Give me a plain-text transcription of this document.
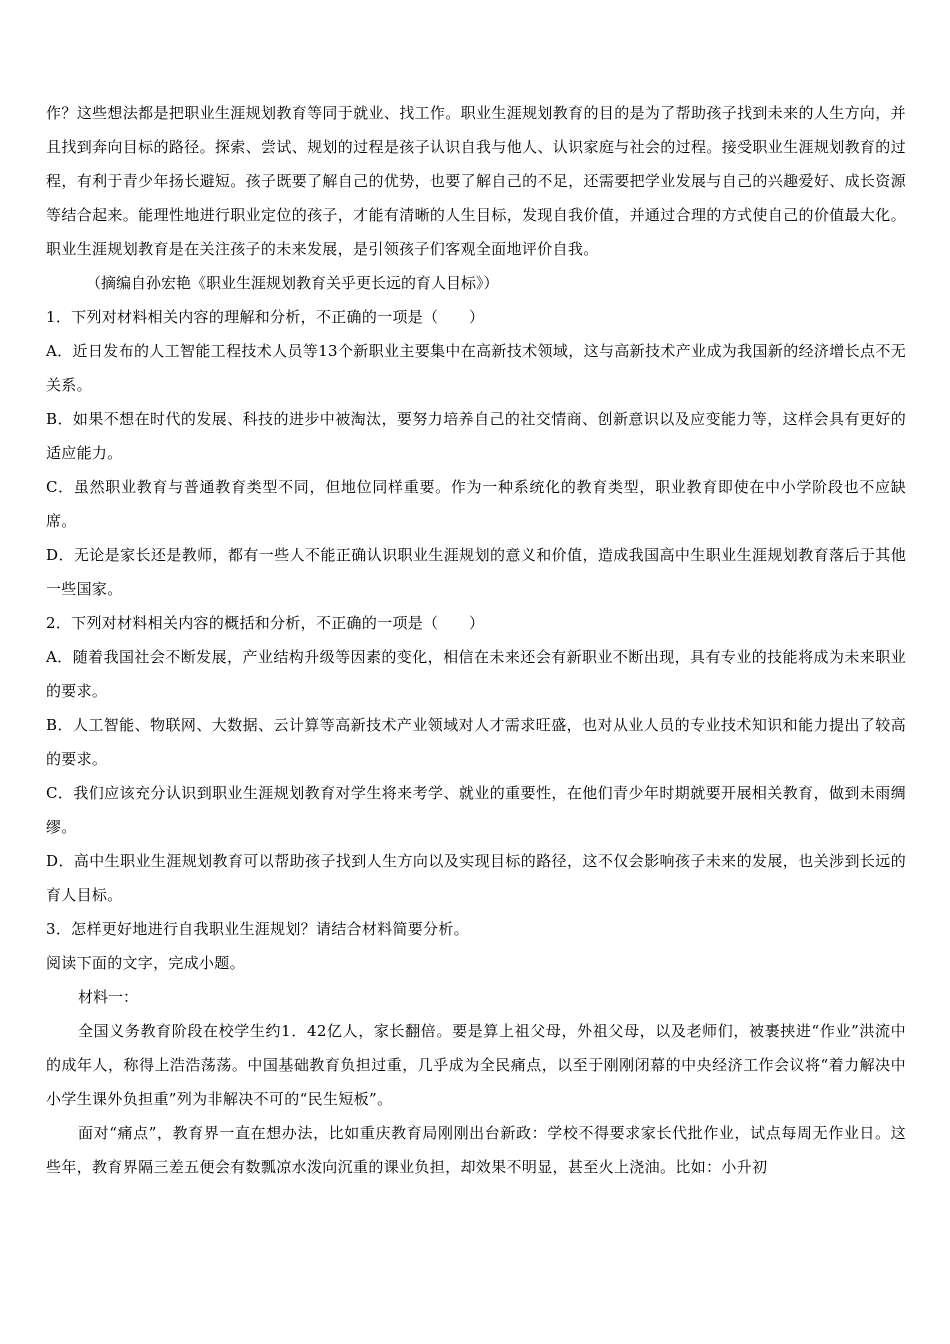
作？这些想法都是把职业生涯规划教育等同于就业、找工作。职业生涯规划教育的目的是为了帮助孩子找到未来的人生方向，并且找到奔向目标的路径。探索、尝试、规划的过程是孩子认识自我与他人、认识家庭与社会的过程。接受职业生涯规划教育的过程，有利于青少年扬长避短。孩子既要了解自己的优势，也要了解自己的不足，还需要把学业发展与自己的兴趣爱好、成长资源等结合起来。能理性地进行职业定位的孩子，才能有清晰的人生目标，发现自我价值，并通过合理的方式使自己的价值最大化。职业生涯规划教育是在关注孩子的未来发展，是引领孩子们客观全面地评价自我。

（摘编自孙宏艳《职业生涯规划教育关乎更长远的育人目标》）

1．下列对材料相关内容的理解和分析，不正确的一项是（　　）

A．近日发布的人工智能工程技术人员等13个新职业主要集中在高新技术领域，这与高新技术产业成为我国新的经济增长点不无关系。

B．如果不想在时代的发展、科技的进步中被淘汰，要努力培养自己的社交情商、创新意识以及应变能力等，这样会具有更好的适应能力。

C．虽然职业教育与普通教育类型不同，但地位同样重要。作为一种系统化的教育类型，职业教育即使在中小学阶段也不应缺席。

D．无论是家长还是教师，都有一些人不能正确认识职业生涯规划的意义和价值，造成我国高中生职业生涯规划教育落后于其他一些国家。

2．下列对材料相关内容的概括和分析，不正确的一项是（　　）

A．随着我国社会不断发展，产业结构升级等因素的变化，相信在未来还会有新职业不断出现，具有专业的技能将成为未来职业的要求。

B．人工智能、物联网、大数据、云计算等高新技术产业领域对人才需求旺盛，也对从业人员的专业技术知识和能力提出了较高的要求。

C．我们应该充分认识到职业生涯规划教育对学生将来考学、就业的重要性，在他们青少年时期就要开展相关教育，做到未雨绸缪。

D．高中生职业生涯规划教育可以帮助孩子找到人生方向以及实现目标的路径，这不仅会影响孩子未来的发展，也关涉到长远的育人目标。

3．怎样更好地进行自我职业生涯规划？请结合材料简要分析。

阅读下面的文字，完成小题。

材料一：

全国义务教育阶段在校学生约1．42亿人，家长翻倍。要是算上祖父母，外祖父母，以及老师们，被裹挟进“作业”洪流中的成年人，称得上浩浩荡荡。中国基础教育负担过重，几乎成为全民痛点，以至于刚刚闭幕的中央经济工作会议将“着力解决中小学生课外负担重”列为非解决不可的“民生短板”。

面对“痛点”，教育界一直在想办法，比如重庆教育局刚刚出台新政：学校不得要求家长代批作业，试点每周无作业日。这些年，教育界隔三差五便会有数瓢凉水泼向沉重的课业负担，却效果不明显，甚至火上浇油。比如：小升初
